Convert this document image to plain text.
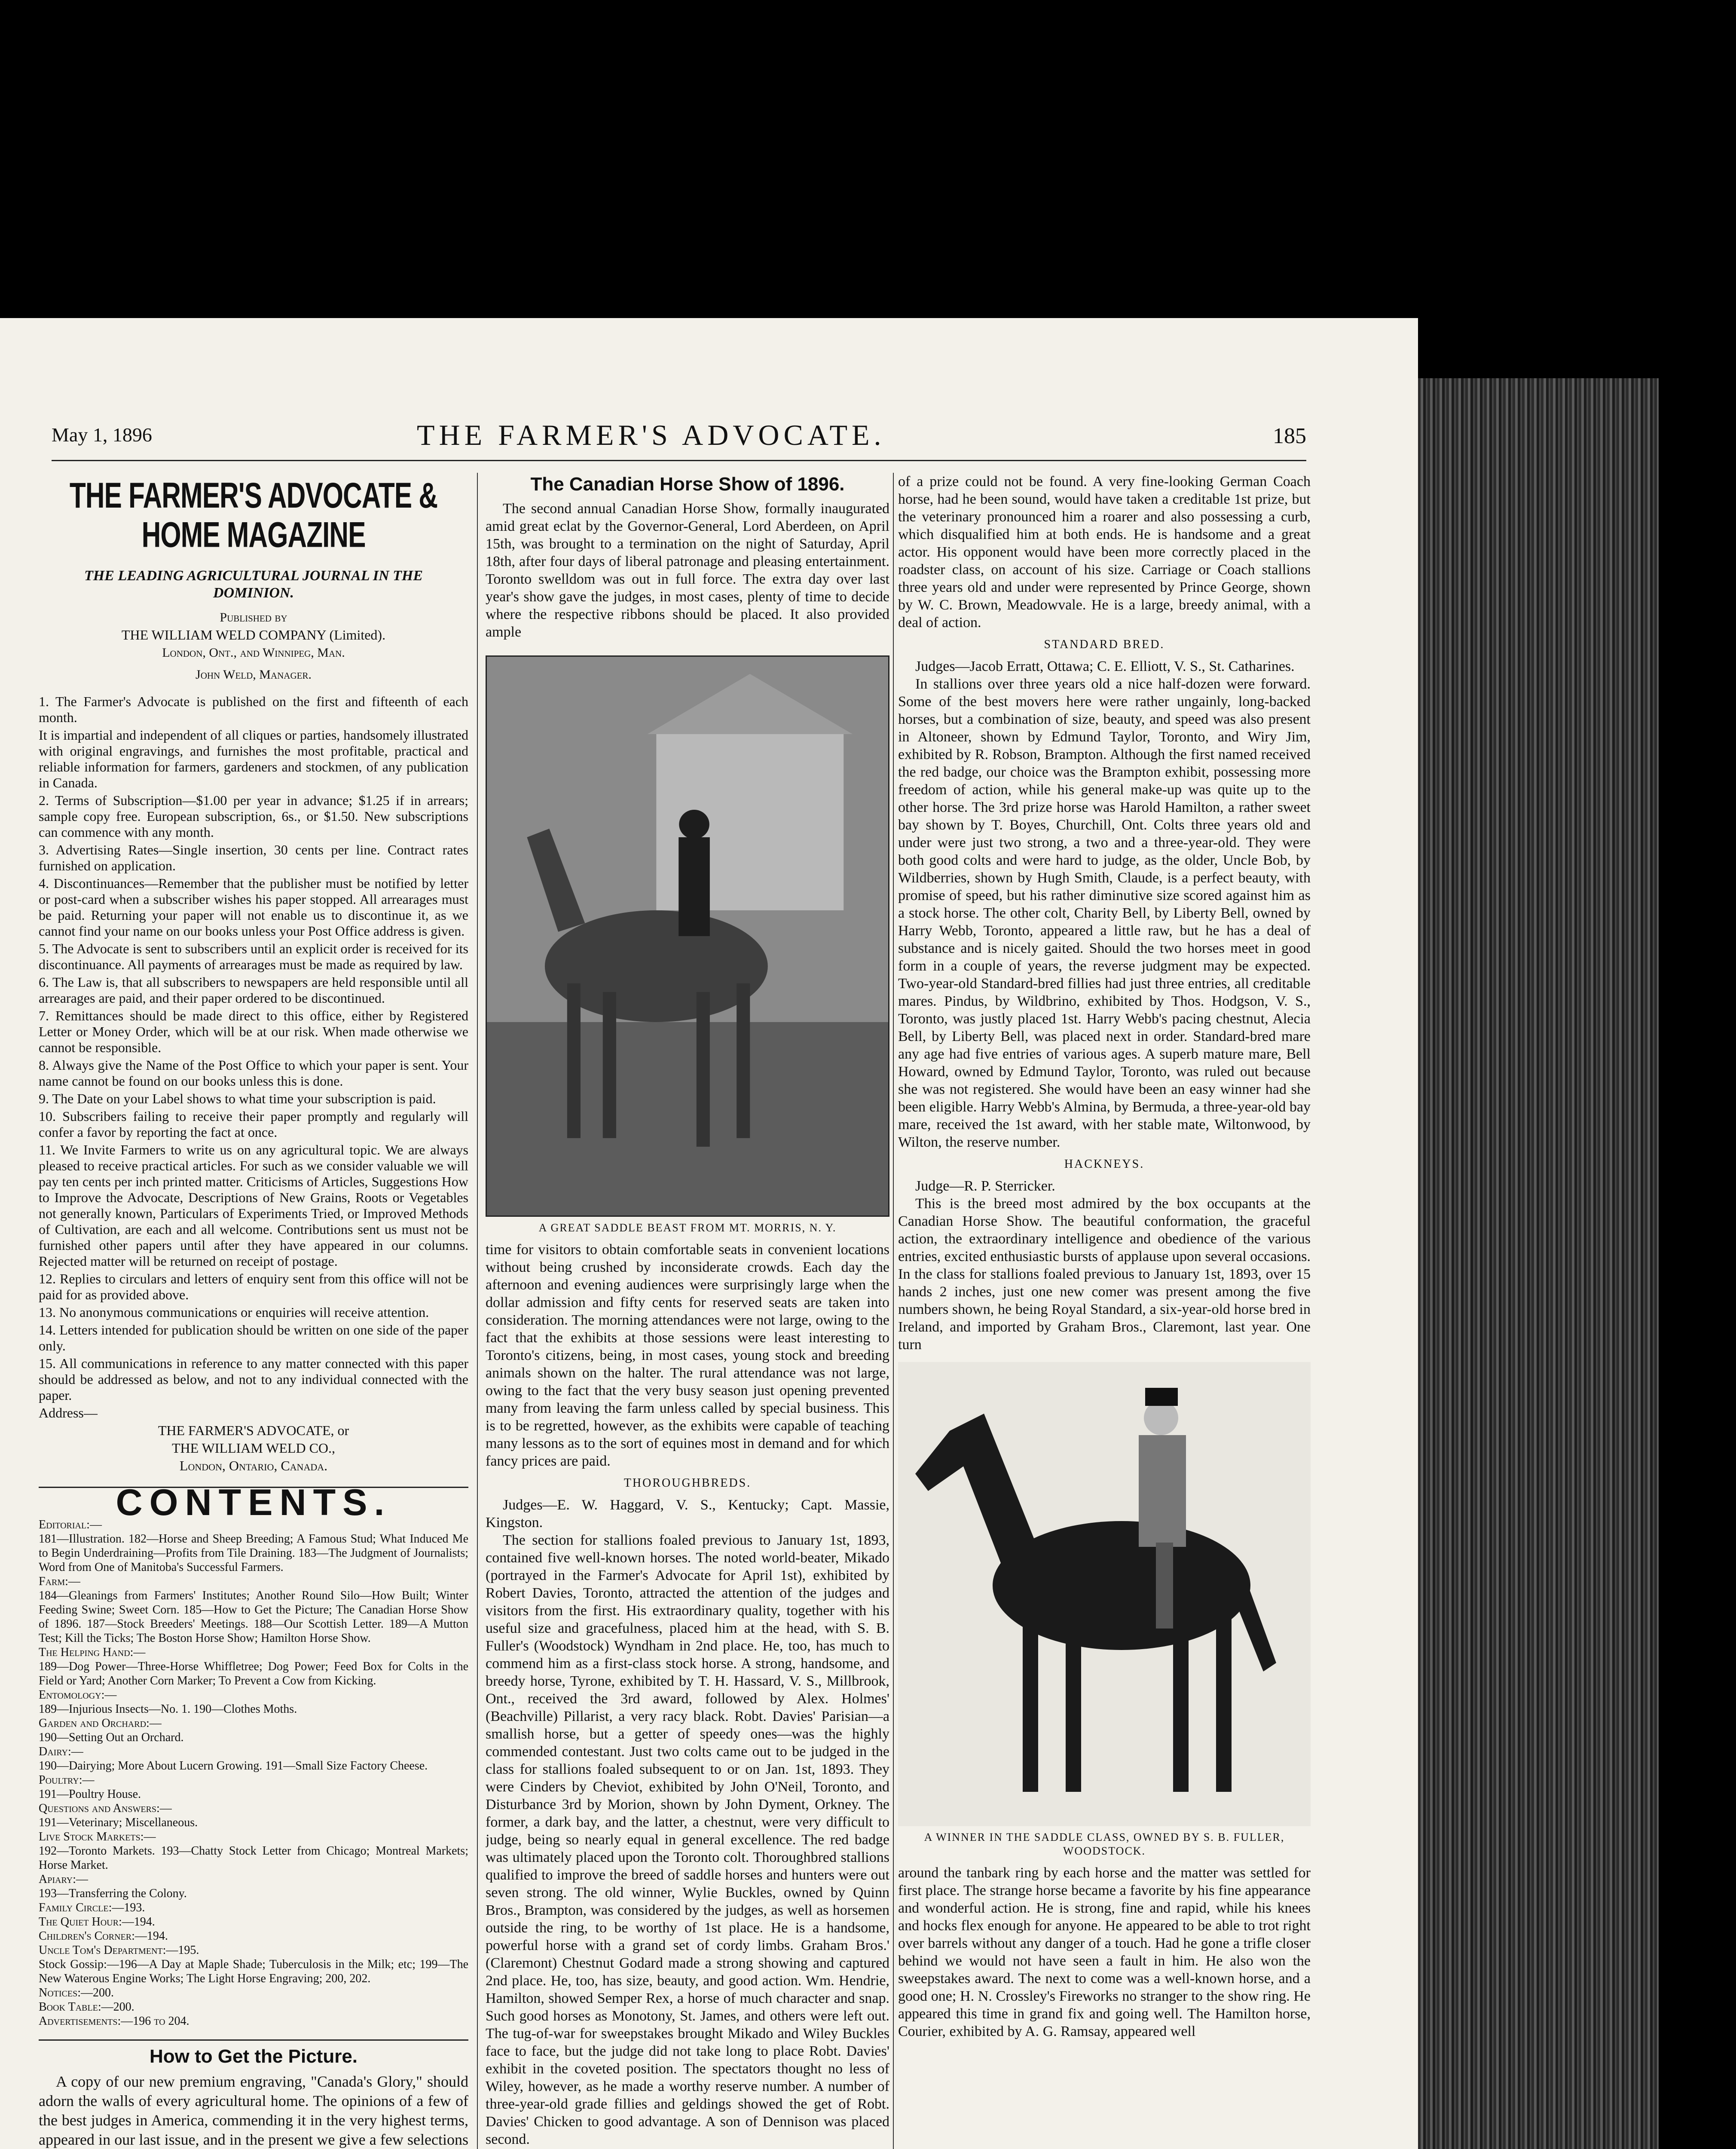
May 1, 1896	THE FARMER'S ADVOCATE.	185
THE FARMER'S ADVOCATE & HOME MAGAZINE
THE LEADING AGRICULTURAL JOURNAL IN THE DOMINION.
Published by
THE WILLIAM WELD COMPANY (Limited).
London, Ont., and Winnipeg, Man.
John Weld, Manager.
1. The Farmer's Advocate is published on the first and fifteenth of each month.
It is impartial and independent of all cliques or parties, handsomely illustrated with original engravings, and furnishes the most profitable, practical and reliable information for farmers, gardeners and stockmen, of any publication in Canada.
2. Terms of Subscription—$1.00 per year in advance; $1.25 if in arrears; sample copy free. European subscription, 6s., or $1.50. New subscriptions can commence with any month.
3. Advertising Rates—Single insertion, 30 cents per line. Contract rates furnished on application.
4. Discontinuances—Remember that the publisher must be notified by letter or post-card when a subscriber wishes his paper stopped. All arrearages must be paid. Returning your paper will not enable us to discontinue it, as we cannot find your name on our books unless your Post Office address is given.
5. The Advocate is sent to subscribers until an explicit order is received for its discontinuance. All payments of arrearages must be made as required by law.
6. The Law is, that all subscribers to newspapers are held responsible until all arrearages are paid, and their paper ordered to be discontinued.
7. Remittances should be made direct to this office, either by Registered Letter or Money Order, which will be at our risk. When made otherwise we cannot be responsible.
8. Always give the Name of the Post Office to which your paper is sent. Your name cannot be found on our books unless this is done.
9. The Date on your Label shows to what time your subscription is paid.
10. Subscribers failing to receive their paper promptly and regularly will confer a favor by reporting the fact at once.
11. We Invite Farmers to write us on any agricultural topic. We are always pleased to receive practical articles. For such as we consider valuable we will pay ten cents per inch printed matter. Criticisms of Articles, Suggestions How to Improve the Advocate, Descriptions of New Grains, Roots or Vegetables not generally known, Particulars of Experiments Tried, or Improved Methods of Cultivation, are each and all welcome. Contributions sent us must not be furnished other papers until after they have appeared in our columns. Rejected matter will be returned on receipt of postage.
12. Replies to circulars and letters of enquiry sent from this office will not be paid for as provided above.
13. No anonymous communications or enquiries will receive attention.
14. Letters intended for publication should be written on one side of the paper only.
15. All communications in reference to any matter connected with this paper should be addressed as below, and not to any individual connected with the paper.
Address—
THE FARMER'S ADVOCATE, or
THE WILLIAM WELD CO.,
London, Ontario, Canada.
CONTENTS.
Editorial:—
181—Illustration. 182—Horse and Sheep Breeding; A Famous Stud; What Induced Me to Begin Underdraining—Profits from Tile Draining. 183—The Judgment of Journalists; Word from One of Manitoba's Successful Farmers.
Farm:—
184—Gleanings from Farmers' Institutes; Another Round Silo—How Built; Winter Feeding Swine; Sweet Corn. 185—How to Get the Picture; The Canadian Horse Show of 1896. 187—Stock Breeders' Meetings. 188—Our Scottish Letter. 189—A Mutton Test; Kill the Ticks; The Boston Horse Show; Hamilton Horse Show.
The Helping Hand:—
189—Dog Power—Three-Horse Whiffletree; Dog Power; Feed Box for Colts in the Field or Yard; Another Corn Marker; To Prevent a Cow from Kicking.
Entomology:—
189—Injurious Insects—No. 1. 190—Clothes Moths.
Garden and Orchard:—
190—Setting Out an Orchard.
Dairy:—
190—Dairying; More About Lucern Growing. 191—Small Size Factory Cheese.
Poultry:—
191—Poultry House.
Questions and Answers:—
191—Veterinary; Miscellaneous.
Live Stock Markets:—
192—Toronto Markets. 193—Chatty Stock Letter from Chicago; Montreal Markets; Horse Market.
Apiary:—
193—Transferring the Colony.
Family Circle:—193.
The Quiet Hour:—194.
Children's Corner:—194.
Uncle Tom's Department:—195.
Stock Gossip:—196—A Day at Maple Shade; Tuberculosis in the Milk; etc; 199—The New Waterous Engine Works; The Light Horse Engraving; 200, 202.
Notices:—200.
Book Table:—200.
Advertisements:—196 to 204.
How to Get the Picture.

A copy of our new premium engraving, "Canada's Glory," should adorn the walls of every agricultural home. The opinions of a few of the best judges in America, commending it in the very highest terms, appeared in our last issue, and in the present we give a few selections

The Canadian Horse Show of 1896.

The second annual Canadian Horse Show, formally inaugurated amid great eclat by the Governor-General, Lord Aberdeen, on April 15th, was brought to a termination on the night of Saturday, April 18th, after four days of liberal patronage and pleasing entertainment. Toronto swelldom was out in full force. The extra day over last year's show gave the judges, in most cases, plenty of time to decide where the respective ribbons should be placed. It also provided ample

A GREAT SADDLE BEAST FROM MT. MORRIS, N. Y.

time for visitors to obtain comfortable seats in convenient locations without being crushed by inconsiderate crowds. Each day the afternoon and evening audiences were surprisingly large when the dollar admission and fifty cents for reserved seats are taken into consideration. The morning attendances were not large, owing to the fact that the exhibits at those sessions were least interesting to Toronto's citizens, being, in most cases, young stock and breeding animals shown on the halter. The rural attendance was not large, owing to the fact that the very busy season just opening prevented many from leaving the farm unless called by special business. This is to be regretted, however, as the exhibits were capable of teaching many lessons as to the sort of equines most in demand and for which fancy prices are paid.

THOROUGHBREDS.

Judges—E. W. Haggard, V. S., Kentucky; Capt. Massie, Kingston.

The section for stallions foaled previous to January 1st, 1893, contained five well-known horses. The noted world-beater, Mikado (portrayed in the Farmer's Advocate for April 1st), exhibited by Robert Davies, Toronto, attracted the attention of the judges and visitors from the first. His extraordinary quality, together with his useful size and gracefulness, placed him at the head, with S. B. Fuller's (Woodstock) Wyndham in 2nd place. He, too, has much to commend him as a first-class stock horse. A strong, handsome, and breedy horse, Tyrone, exhibited by T. H. Hassard, V. S., Millbrook, Ont., received the 3rd award, followed by Alex. Holmes' (Beachville) Pillarist, a very racy black. Robt. Davies' Parisian—a smallish horse, but a getter of speedy ones—was the highly commended contestant. Just two colts came out to be judged in the class for stallions foaled subsequent to or on Jan. 1st, 1893. They were Cinders by Cheviot, exhibited by John O'Neil, Toronto, and Disturbance 3rd by Morion, shown by John Dyment, Orkney. The former, a dark bay, and the latter, a chestnut, were very difficult to judge, being so nearly equal in general excellence. The red badge was ultimately placed upon the Toronto colt. Thoroughbred stallions qualified to improve the breed of saddle horses and hunters were out seven strong. The old winner, Wylie Buckles, owned by Quinn Bros., Brampton, was considered by the judges, as well as horsemen outside the ring, to be worthy of 1st place. He is a handsome, powerful horse with a grand set of cordy limbs. Graham Bros.' (Claremont) Chestnut Godard made a strong showing and captured 2nd place. He, too, has size, beauty, and good action. Wm. Hendrie, Hamilton, showed Semper Rex, a horse of much character and snap. Such good horses as Monotony, St. James, and others were left out. The tug-of-war for sweepstakes brought Mikado and Wiley Buckles face to face, but the judge did not take long to place Robt. Davies' exhibit in the coveted position. The spectators thought no less of Wiley, however, as he made a worthy reserve number. A number of three-year-old grade fillies and geldings showed the get of Robt. Davies' Chicken to good advantage. A son of Dennison was placed second.

of a prize could not be found. A very fine-looking German Coach horse, had he been sound, would have taken a creditable 1st prize, but the veterinary pronounced him a roarer and also possessing a curb, which disqualified him at both ends. He is handsome and a great actor. His opponent would have been more correctly placed in the roadster class, on account of his size. Carriage or Coach stallions three years old and under were represented by Prince George, shown by W. C. Brown, Meadowvale. He is a large, breedy animal, with a deal of action.

STANDARD BRED.

Judges—Jacob Erratt, Ottawa; C. E. Elliott, V. S., St. Catharines.

In stallions over three years old a nice half-dozen were forward. Some of the best movers here were rather ungainly, long-backed horses, but a combination of size, beauty, and speed was also present in Altoneer, shown by Edmund Taylor, Toronto, and Wiry Jim, exhibited by R. Robson, Brampton. Although the first named received the red badge, our choice was the Brampton exhibit, possessing more freedom of action, while his general make-up was quite up to the other horse. The 3rd prize horse was Harold Hamilton, a rather sweet bay shown by T. Boyes, Churchill, Ont. Colts three years old and under were just two strong, a two and a three-year-old. They were both good colts and were hard to judge, as the older, Uncle Bob, by Wildberries, shown by Hugh Smith, Claude, is a perfect beauty, with promise of speed, but his rather diminutive size scored against him as a stock horse. The other colt, Charity Bell, by Liberty Bell, owned by Harry Webb, Toronto, appeared a little raw, but he has a deal of substance and is nicely gaited. Should the two horses meet in good form in a couple of years, the reverse judgment may be expected. Two-year-old Standard-bred fillies had just three entries, all creditable mares. Pindus, by Wildbrino, exhibited by Thos. Hodgson, V. S., Toronto, was justly placed 1st. Harry Webb's pacing chestnut, Alecia Bell, by Liberty Bell, was placed next in order. Standard-bred mare any age had five entries of various ages. A superb mature mare, Bell Howard, owned by Edmund Taylor, Toronto, was ruled out because she was not registered. She would have been an easy winner had she been eligible. Harry Webb's Almina, by Bermuda, a three-year-old bay mare, received the 1st award, with her stable mate, Wiltonwood, by Wilton, the reserve number.

HACKNEYS.

Judge—R. P. Sterricker.

This is the breed most admired by the box occupants at the Canadian Horse Show. The beautiful conformation, the graceful action, the extraordinary intelligence and obedience of the various entries, excited enthusiastic bursts of applause upon several occasions. In the class for stallions foaled previous to January 1st, 1893, over 15 hands 2 inches, just one new comer was present among the five numbers shown, he being Royal Standard, a six-year-old horse bred in Ireland, and imported by Graham Bros., Claremont, last year. One turn

A WINNER IN THE SADDLE CLASS, OWNED BY S. B. FULLER, WOODSTOCK.

around the tanbark ring by each horse and the matter was settled for first place. The strange horse became a favorite by his fine appearance and wonderful action. He is strong, fine and rapid, while his knees and hocks flex enough for anyone. He appeared to be able to trot right over barrels without any danger of a touch. Had he gone a trifle closer behind we would not have seen a fault in him. He also won the sweepstakes award. The next to come was a well-known horse, and a good one; H. N. Crossley's Fireworks no stranger to the show ring. He appeared this time in grand fix and going well. The Hamilton horse, Courier, exhibited by A. G. Ramsay, appeared well
